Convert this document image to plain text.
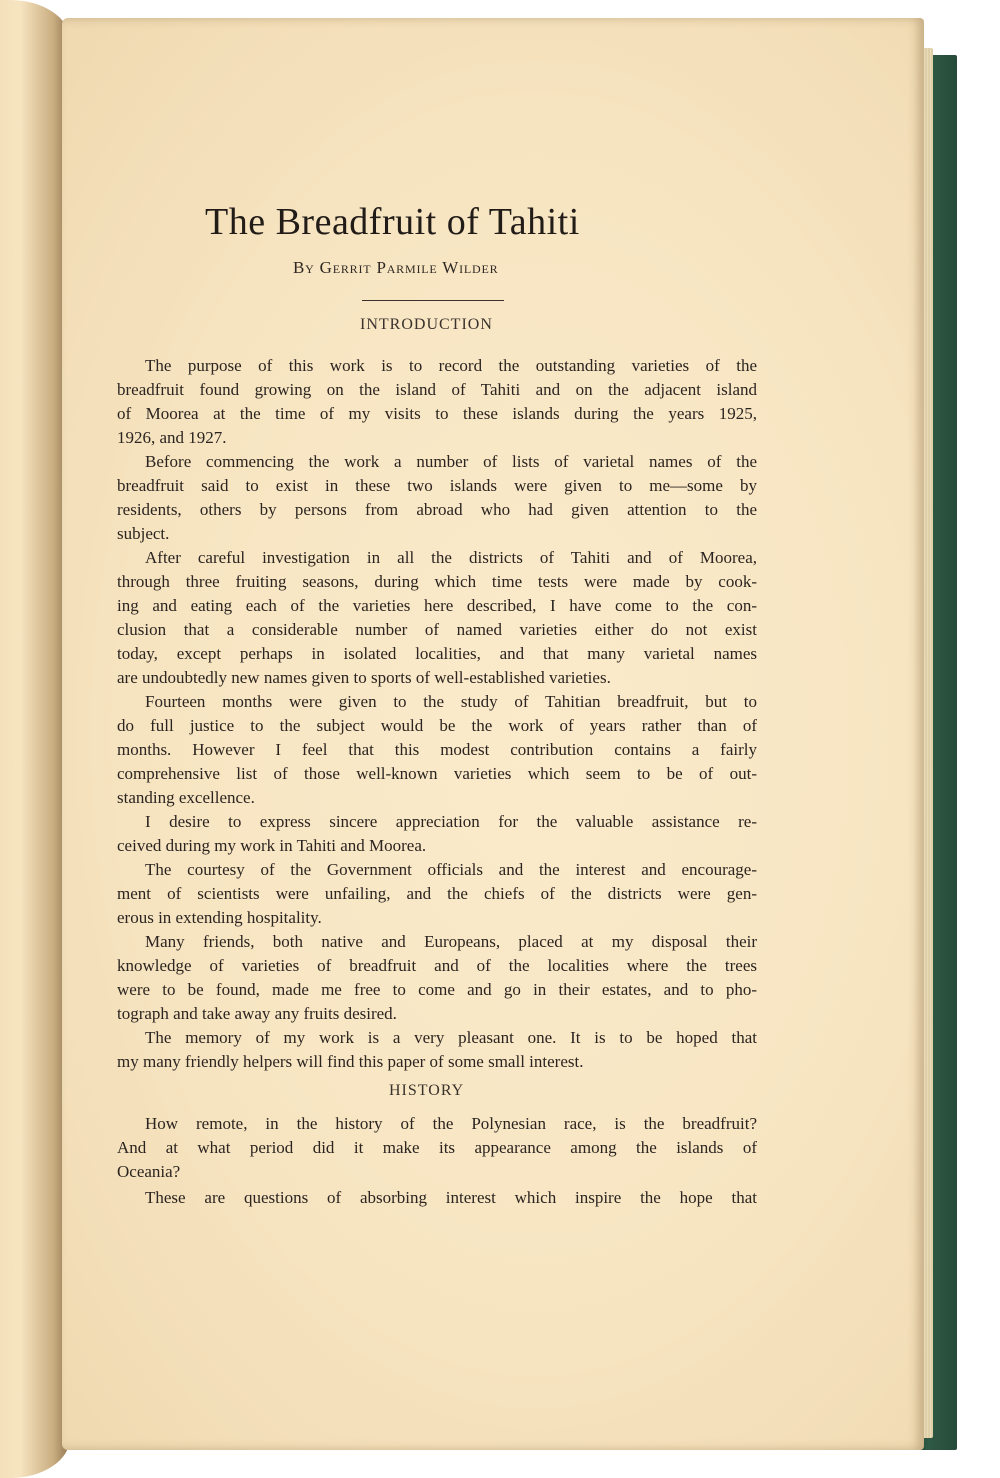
The Breadfruit of Tahiti
By Gerrit Parmile Wilder
INTRODUCTION
The purpose of this work is to record the outstanding varieties of the
breadfruit found growing on the island of Tahiti and on the adjacent island
of Moorea at the time of my visits to these islands during the years 1925,
1926, and 1927.
Before commencing the work a number of lists of varietal names of the
breadfruit said to exist in these two islands were given to me—some by
residents, others by persons from abroad who had given attention to the
subject.
After careful investigation in all the districts of Tahiti and of Moorea,
through three fruiting seasons, during which time tests were made by cook-
ing and eating each of the varieties here described, I have come to the con-
clusion that a considerable number of named varieties either do not exist
today, except perhaps in isolated localities, and that many varietal names
are undoubtedly new names given to sports of well-established varieties.
Fourteen months were given to the study of Tahitian breadfruit, but to
do full justice to the subject would be the work of years rather than of
months. However I feel that this modest contribution contains a fairly
comprehensive list of those well-known varieties which seem to be of out-
standing excellence.
I desire to express sincere appreciation for the valuable assistance re-
ceived during my work in Tahiti and Moorea.
The courtesy of the Government officials and the interest and encourage-
ment of scientists were unfailing, and the chiefs of the districts were gen-
erous in extending hospitality.
Many friends, both native and Europeans, placed at my disposal their
knowledge of varieties of breadfruit and of the localities where the trees
were to be found, made me free to come and go in their estates, and to pho-
tograph and take away any fruits desired.
The memory of my work is a very pleasant one. It is to be hoped that
my many friendly helpers will find this paper of some small interest.
HISTORY
How remote, in the history of the Polynesian race, is the breadfruit?
And at what period did it make its appearance among the islands of
Oceania?
These are questions of absorbing interest which inspire the hope that
